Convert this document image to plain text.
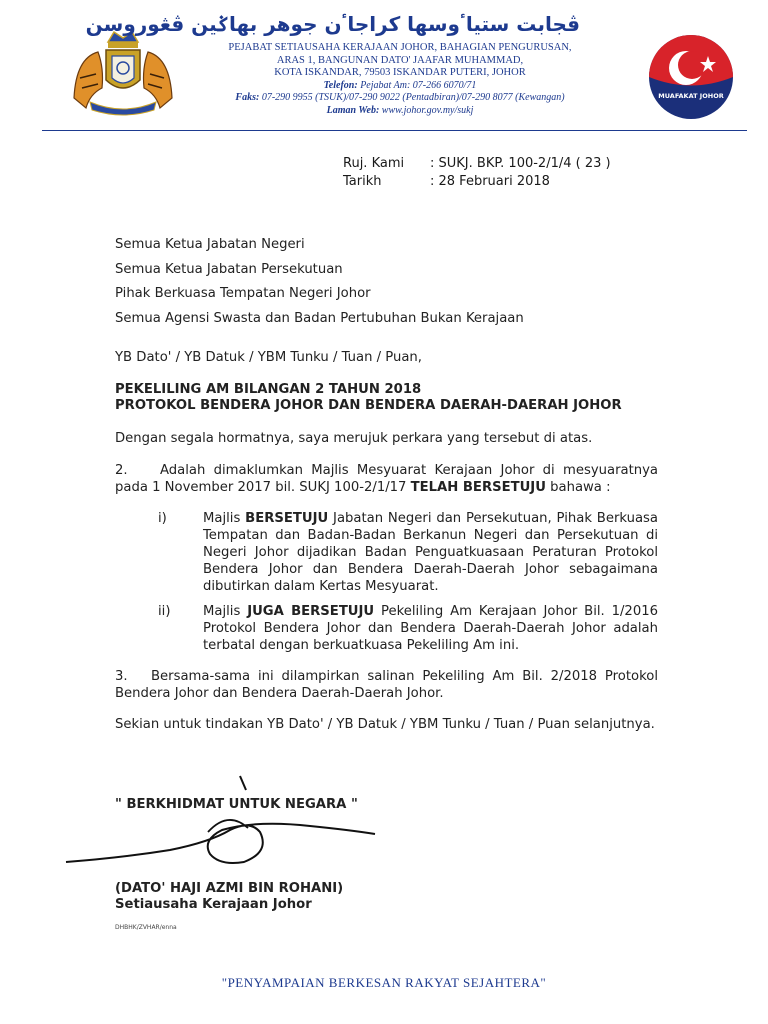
ڤجابت ستياٴوسها كراجاٴن جوهر بهاݢين ڤڠوروسن
PEJABAT SETIAUSAHA KERAJAAN JOHOR, BAHAGIAN PENGURUSAN,
ARAS 1, BANGUNAN DATO' JAAFAR MUHAMMAD,
KOTA ISKANDAR, 79503 ISKANDAR PUTERI, JOHOR
Telefon: Pejabat Am: 07-266 6070/71
Faks: 07-290 9955 (TSUK)/07-290 9022 (Pentadbiran)/07-290 8077 (Kewangan)
Laman Web: www.johor.gov.my/sukj
MUAFAKAT JOHOR
Ruj. Kami : SUKJ. BKP. 100-2/1/4 ( 23 )
Tarikh	: 28 Februari 2018
Semua Ketua Jabatan Negeri
Semua Ketua Jabatan Persekutuan
Pihak Berkuasa Tempatan Negeri Johor
Semua Agensi Swasta dan Badan Pertubuhan Bukan Kerajaan
YB Dato' / YB Datuk / YBM Tunku / Tuan / Puan,
PEKELILING AM BILANGAN 2 TAHUN 2018
PROTOKOL BENDERA JOHOR DAN BENDERA DAERAH-DAERAH JOHOR
Dengan segala hormatnya, saya merujuk perkara yang tersebut di atas.
2.	Adalah dimaklumkan Majlis Mesyuarat Kerajaan Johor di mesyuaratnya pada 1 November 2017 bil. SUKJ 100-2/1/17 TELAH BERSETUJU bahawa :
i)	Majlis BERSETUJU Jabatan Negeri dan Persekutuan, Pihak Berkuasa Tempatan dan Badan-Badan Berkanun Negeri dan Persekutuan di Negeri Johor dijadikan Badan Penguatkuasaan Peraturan Protokol Bendera Johor dan Bendera Daerah-Daerah Johor sebagaimana dibutirkan dalam Kertas Mesyuarat.
ii) Majlis JUGA BERSETUJU Pekeliling Am Kerajaan Johor Bil. 1/2016 Protokol Bendera Johor dan Bendera Daerah-Daerah Johor adalah terbatal dengan berkuatkuasa Pekeliling Am ini.
3. Bersama-sama ini dilampirkan salinan Pekeliling Am Bil. 2/2018 Protokol Bendera Johor dan Bendera Daerah-Daerah Johor.
Sekian untuk tindakan YB Dato' / YB Datuk / YBM Tunku / Tuan / Puan selanjutnya.
" BERKHIDMAT UNTUK NEGARA "
(DATO' HAJI AZMI BIN ROHANI)
Setiausaha Kerajaan Johor
DHBHK/ZVHAR/enna
"PENYAMPAIAN BERKESAN RAKYAT SEJAHTERA"
